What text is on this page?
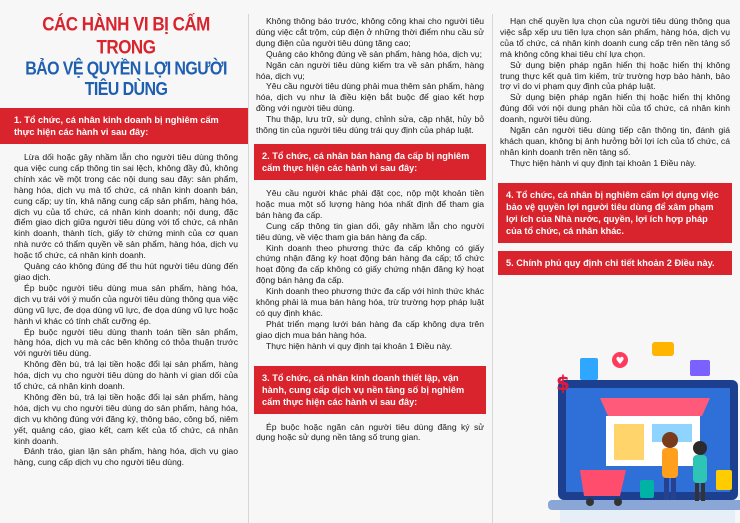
CÁC HÀNH VI BỊ CẤM TRONG
BẢO VỆ QUYỀN LỢI NGƯỜI TIÊU DÙNG
1. Tổ chức, cá nhân kinh doanh bị nghiêm cấm thực hiện các hành vi sau đây:

Lừa dối hoặc gây nhầm lẫn cho người tiêu dùng thông qua việc cung cấp thông tin sai lệch, không đầy đủ, không chính xác về một trong các nội dung sau đây: sản phẩm, hàng hóa, dịch vụ mà tổ chức, cá nhân kinh doanh bán, cung cấp; uy tín, khả năng cung cấp sản phẩm, hàng hóa, dịch vụ của tổ chức, cá nhân kinh doanh; nội dung, đặc điểm giao dịch giữa người tiêu dùng với tổ chức, cá nhân kinh doanh, thành tích, giấy tờ chứng minh của cơ quan nhà nước có thẩm quyền về sản phẩm, hàng hóa, dịch vụ hoặc tổ chức, cá nhân kinh doanh.

Quảng cáo không đúng để thu hút người tiêu dùng đến giao dịch.

Ép buộc người tiêu dùng mua sản phẩm, hàng hóa, dịch vụ trái với ý muốn của người tiêu dùng thông qua việc dùng vũ lực, đe dọa dùng vũ lực, đe dọa dùng vũ lực hoặc hành vi khác có tính chất cưỡng ép.

Ép buộc người tiêu dùng thanh toán tiền sản phẩm, hàng hóa, dịch vụ mà các bên không có thỏa thuận trước với người tiêu dùng.

Không đền bù, trả lại tiền hoặc đổi lại sản phẩm, hàng hóa, dịch vụ cho người tiêu dùng do hành vi gian dối của tổ chức, cá nhân kinh doanh.

Không đền bù, trả lại tiền hoặc đổi lại sản phẩm, hàng hóa, dịch vụ cho người tiêu dùng do sản phẩm, hàng hóa, dịch vụ không đúng với đăng ký, thông báo, công bố, niêm yết, quảng cáo, giao kết, cam kết của tổ chức, cá nhân kinh doanh.

Đánh tráo, gian lận sản phẩm, hàng hóa, dịch vụ giao hàng, cung cấp dịch vụ cho người tiêu dùng.

Không thông báo trước, không công khai cho người tiêu dùng việc cắt trộm, cúp điện ở những thời điểm nhu cầu sử dụng điện của người tiêu dùng tăng cao;

Quảng cáo không đúng về sản phẩm, hàng hóa, dịch vụ;

Ngăn cản người tiêu dùng kiểm tra về sản phẩm, hàng hóa, dịch vụ;

Yêu cầu người tiêu dùng phải mua thêm sản phẩm, hàng hóa, dịch vụ như là điều kiện bắt buộc để giao kết hợp đồng với người tiêu dùng.

Thu thập, lưu trữ, sử dụng, chỉnh sửa, cập nhật, hủy bỏ thông tin của người tiêu dùng trái quy định của pháp luật.

2. Tổ chức, cá nhân bán hàng đa cấp bị nghiêm cấm thực hiện các hành vi sau đây:

Yêu cầu người khác phải đặt cọc, nộp một khoản tiền hoặc mua một số lượng hàng hóa nhất định để tham gia bán hàng đa cấp.

Cung cấp thông tin gian dối, gây nhầm lẫn cho người tiêu dùng, về việc tham gia bán hàng đa cấp.

Kinh doanh theo phương thức đa cấp không có giấy chứng nhận đăng ký hoạt động bán hàng đa cấp; tổ chức hoạt động đa cấp không có giấy chứng nhận đăng ký hoạt động bán hàng đa cấp.

Kinh doanh theo phương thức đa cấp với hình thức khác không phải là mua bán hàng hóa, trừ trường hợp pháp luật có quy định khác.

Phát triển mạng lưới bán hàng đa cấp không dựa trên giao dịch mua bán hàng hóa.

Thực hiện hành vi quy định tại khoản 1 Điều này.

3. Tổ chức, cá nhân kinh doanh thiết lập, vận hành, cung cấp dịch vụ nền tảng số bị nghiêm cấm thực hiện các hành vi sau đây:

Ép buộc hoặc ngăn cản người tiêu dùng đăng ký sử dụng hoặc sử dụng nền tảng số trung gian.

Hạn chế quyền lựa chọn của người tiêu dùng thông qua việc sắp xếp ưu tiên lựa chọn sản phẩm, hàng hóa, dịch vụ của tổ chức, cá nhân kinh doanh cung cấp trên nền tảng số mà không công khai tiêu chí lựa chọn.

Sử dụng biện pháp ngăn hiển thị hoặc hiển thị không trung thực kết quả tìm kiếm, trừ trường hợp bảo hành, bảo trợ vì do vi phạm quy định của pháp luật.

Sử dụng biện pháp ngăn hiển thị hoặc hiển thị không đúng đối với nội dung phản hồi của tổ chức, cá nhân kinh doanh, người tiêu dùng.

Ngăn cản người tiêu dùng tiếp cận thông tin, đánh giá khách quan, không bị ảnh hưởng bởi lợi ích của tổ chức, cá nhân kinh doanh trên nền tảng số.

Thực hiện hành vi quy định tại khoản 1 Điều này.

4. Tổ chức, cá nhân bị nghiêm cấm lợi dụng việc bảo vệ quyền lợi người tiêu dùng để xâm phạm lợi ích của Nhà nước, quyền, lợi ích hợp pháp của tổ chức, cá nhân khác.
5. Chính phủ quy định chi tiết khoản 2 Điều này.
♥
$
